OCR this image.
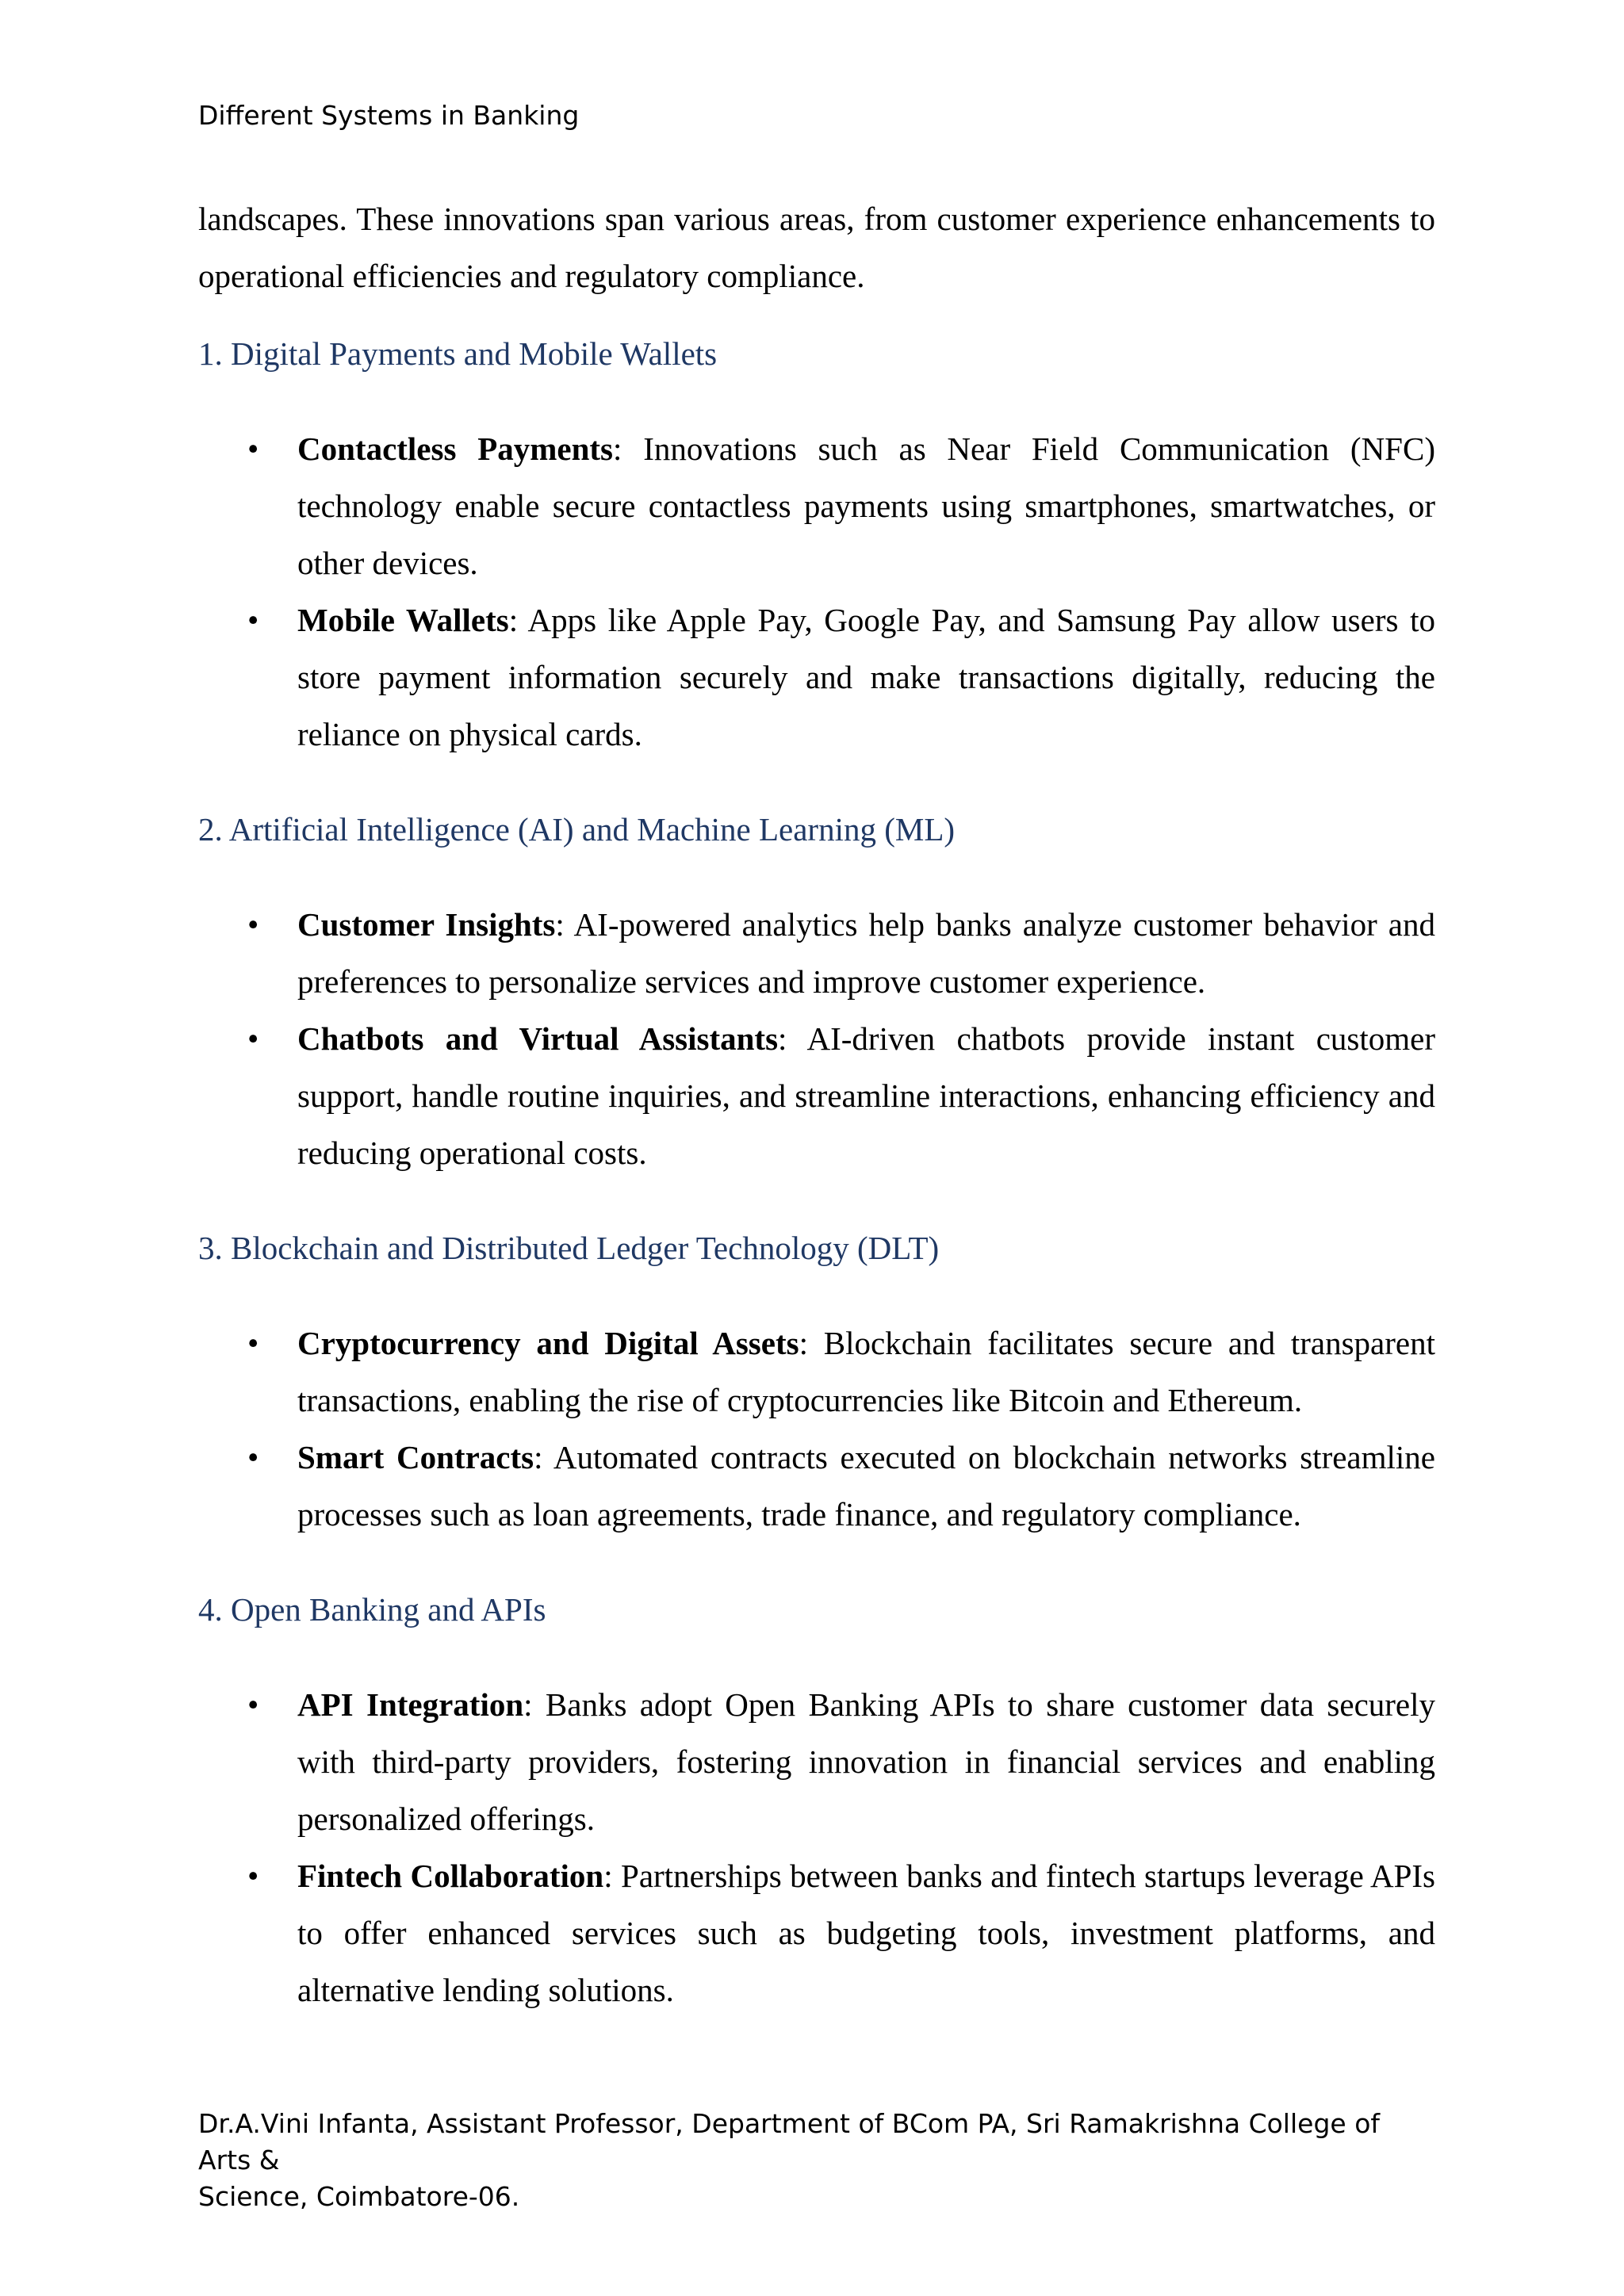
Different Systems in Banking

landscapes. These innovations span various areas, from customer experience enhancements to operational efficiencies and regulatory compliance.

1. Digital Payments and Mobile Wallets
• Contactless Payments: Innovations such as Near Field Communication (NFC) technology enable secure contactless payments using smartphones, smartwatches, or other devices.
• Mobile Wallets: Apps like Apple Pay, Google Pay, and Samsung Pay allow users to store payment information securely and make transactions digitally, reducing the reliance on physical cards.
2. Artificial Intelligence (AI) and Machine Learning (ML)
• Customer Insights: AI-powered analytics help banks analyze customer behavior and preferences to personalize services and improve customer experience.
• Chatbots and Virtual Assistants: AI-driven chatbots provide instant customer support, handle routine inquiries, and streamline interactions, enhancing efficiency and reducing operational costs.
3. Blockchain and Distributed Ledger Technology (DLT)
• Cryptocurrency and Digital Assets: Blockchain facilitates secure and transparent transactions, enabling the rise of cryptocurrencies like Bitcoin and Ethereum.
• Smart Contracts: Automated contracts executed on blockchain networks streamline processes such as loan agreements, trade finance, and regulatory compliance.
4. Open Banking and APIs
• API Integration: Banks adopt Open Banking APIs to share customer data securely with third-party providers, fostering innovation in financial services and enabling personalized offerings.
• Fintech Collaboration: Partnerships between banks and fintech startups leverage APIs to offer enhanced services such as budgeting tools, investment platforms, and alternative lending solutions.
Dr.A.Vini Infanta, Assistant Professor, Department of BCom PA, Sri Ramakrishna College of Arts &
Science, Coimbatore-06.
